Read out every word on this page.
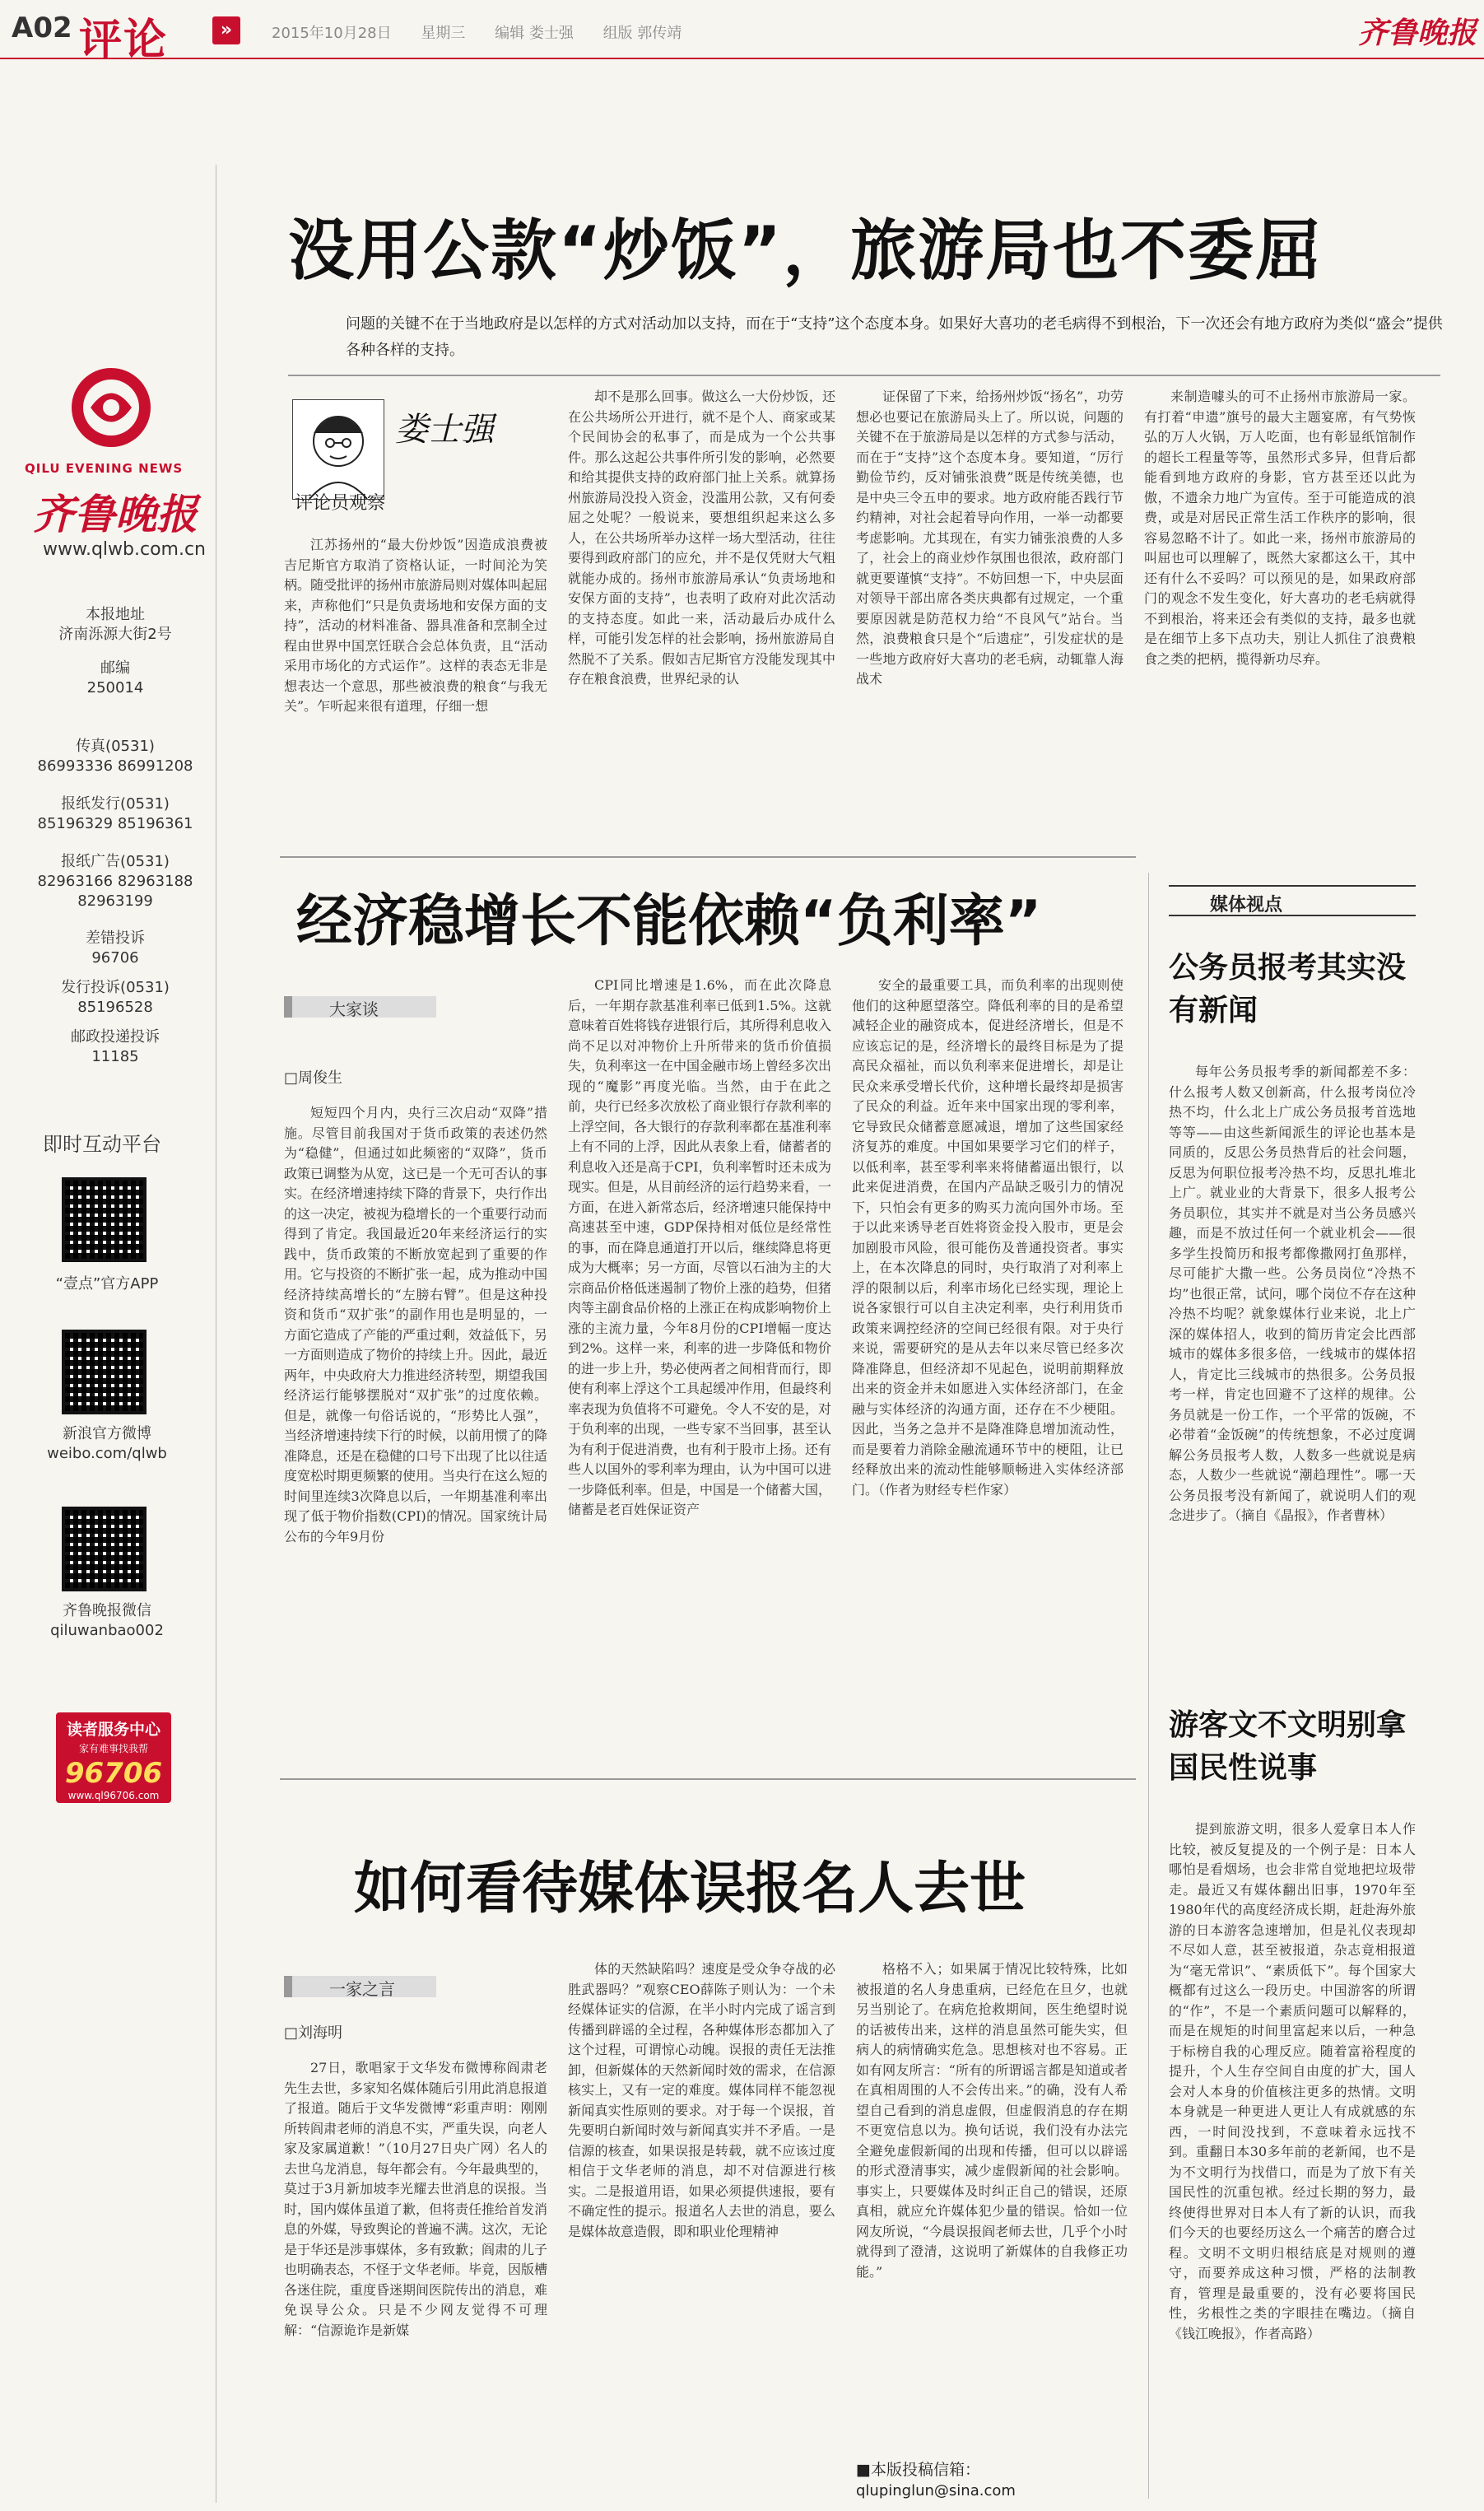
A02 评论	»	2015年10月28日 星期三 编辑 娄士强 组版 郭传靖	齐鲁晚报
QILU EVENING NEWS
齐鲁晚报
www.qlwb.com.cn
本报地址
济南泺源大街2号
邮编
250014
传真(0531)
86993336 86991208
报纸发行(0531)
85196329 85196361
报纸广告(0531)
82963166 82963188 82963199
差错投诉
96706
发行投诉(0531)
85196528
邮政投递投诉
11185
即时互动平台
“壹点”官方APP
新浪官方微博
weibo.com/qlwb
齐鲁晚报微信
qiluwanbao002
读者服务中心
家有难事找我帮
96706
www.ql96706.com
没用公款“炒饭”，旅游局也不委屈
问题的关键不在于当地政府是以怎样的方式对活动加以支持，而在于“支持”这个态度本身。如果好大喜功的老毛病得不到根治，下一次还会有地方政府为类似“盛会”提供各种各样的支持。
娄士强
评论员观察

江苏扬州的“最大份炒饭”因造成浪费被吉尼斯官方取消了资格认证，一时间沦为笑柄。随受批评的扬州市旅游局则对媒体叫起屈来，声称他们“只是负责场地和安保方面的支持”，活动的材料准备、器具准备和烹制全过程由世界中国烹饪联合会总体负责，且“活动采用市场化的方式运作”。这样的表态无非是想表达一个意思，那些被浪费的粮食“与我无关”。乍听起来很有道理，仔细一想

却不是那么回事。做这么一大份炒饭，还在公共场所公开进行，就不是个人、商家或某个民间协会的私事了，而是成为一个公共事件。那么这起公共事件所引发的影响，必然要和给其提供支持的政府部门扯上关系。就算扬州旅游局没投入资金，没滥用公款，又有何委屈之处呢？一般说来，要想组织起来这么多人，在公共场所举办这样一场大型活动，往往要得到政府部门的应允，并不是仅凭财大气粗就能办成的。扬州市旅游局承认“负责场地和安保方面的支持”，也表明了政府对此次活动的支持态度。如此一来，活动最后办成什么样，可能引发怎样的社会影响，扬州旅游局自然脱不了关系。假如吉尼斯官方没能发现其中存在粮食浪费，世界纪录的认

证保留了下来，给扬州炒饭“扬名”，功劳想必也要记在旅游局头上了。所以说，问题的关键不在于旅游局是以怎样的方式参与活动，而在于“支持”这个态度本身。要知道，“厉行勤俭节约，反对铺张浪费”既是传统美德，也是中央三令五申的要求。地方政府能否践行节约精神，对社会起着导向作用，一举一动都要考虑影响。尤其现在，有实力铺张浪费的人多了，社会上的商业炒作氛围也很浓，政府部门就更要谨慎“支持”。不妨回想一下，中央层面对领导干部出席各类庆典都有过规定，一个重要原因就是防范权力给“不良风气”站台。当然，浪费粮食只是个“后遗症”，引发症状的是一些地方政府好大喜功的老毛病，动辄靠人海战术

来制造噱头的可不止扬州市旅游局一家。有打着“申遗”旗号的最大主题宴席，有气势恢弘的万人火锅，万人吃面，也有彰显纸馆制作的超长工程量等等，虽然形式多异，但背后都能看到地方政府的身影，官方甚至还以此为傲，不遗余力地广为宣传。至于可能造成的浪费，或是对居民正常生活工作秩序的影响，很容易忽略不计了。如此一来，扬州市旅游局的叫屈也可以理解了，既然大家都这么干，其中还有什么不妥吗？可以预见的是，如果政府部门的观念不发生变化，好大喜功的老毛病就得不到根治，将来还会有类似的支持，最多也就是在细节上多下点功夫，别让人抓住了浪费粮食之类的把柄，揽得新功尽弃。

经济稳增长不能依赖“负利率”
大家谈
□周俊生

短短四个月内，央行三次启动“双降”措施。尽管目前我国对于货币政策的表述仍然为“稳健”，但通过如此频密的“双降”，货币政策已调整为从宽，这已是一个无可否认的事实。在经济增速持续下降的背景下，央行作出的这一决定，被视为稳增长的一个重要行动而得到了肯定。我国最近20年来经济运行的实践中，货币政策的不断放宽起到了重要的作用。它与投资的不断扩张一起，成为推动中国经济持续高增长的“左膀右臂”。但是这种投资和货币“双扩张”的副作用也是明显的，一方面它造成了产能的严重过剩，效益低下，另一方面则造成了物价的持续上升。因此，最近两年，中央政府大力推进经济转型，期望我国经济运行能够摆脱对“双扩张”的过度依赖。但是，就像一句俗话说的，“形势比人强”，当经济增速持续下行的时候，以前用惯了的降准降息，还是在稳健的口号下出现了比以往适度宽松时期更频繁的使用。当央行在这么短的时间里连续3次降息以后，一年期基准利率出现了低于物价指数(CPI)的情况。国家统计局公布的今年9月份

CPI同比增速是1.6%，而在此次降息后，一年期存款基准利率已低到1.5%。这就意味着百姓将钱存进银行后，其所得利息收入尚不足以对冲物价上升所带来的货币价值损失，负利率这一在中国金融市场上曾经多次出现的“魔影”再度光临。当然，由于在此之前，央行已经多次放松了商业银行存款利率的上浮空间，各大银行的存款利率都在基准利率上有不同的上浮，因此从表象上看，储蓄者的利息收入还是高于CPI，负利率暂时还未成为现实。但是，从目前经济的运行趋势来看，一方面，在进入新常态后，经济增速只能保持中高速甚至中速，GDP保持相对低位是经常性的事，而在降息通道打开以后，继续降息将更成为大概率；另一方面，尽管以石油为主的大宗商品价格低迷遏制了物价上涨的趋势，但猪肉等主副食品价格的上涨正在构成影响物价上涨的主流力量，今年8月份的CPI增幅一度达到2%。这样一来，利率的进一步降低和物价的进一步上升，势必使两者之间相背而行，即使有利率上浮这个工具起缓冲作用，但最终利率表现为负值将不可避免。令人不安的是，对于负利率的出现，一些专家不当回事，甚至认为有利于促进消费，也有利于股市上扬。还有些人以国外的零利率为理由，认为中国可以进一步降低利率。但是，中国是一个储蓄大国，储蓄是老百姓保证资产

安全的最重要工具，而负利率的出现则使他们的这种愿望落空。降低利率的目的是希望减轻企业的融资成本，促进经济增长，但是不应该忘记的是，经济增长的最终目标是为了提高民众福祉，而以负利率来促进增长，却是让民众来承受增长代价，这种增长最终却是损害了民众的利益。近年来中国家出现的零利率，它导致民众储蓄意愿减退，增加了这些国家经济复苏的难度。中国如果要学习它们的样子，以低利率，甚至零利率来将储蓄逼出银行，以此来促进消费，在国内产品缺乏吸引力的情况下，只怕会有更多的购买力流向国外市场。至于以此来诱导老百姓将资金投入股市，更是会加剧股市风险，很可能伤及普通投资者。事实上，在本次降息的同时，央行取消了对利率上浮的限制以后，利率市场化已经实现，理论上说各家银行可以自主决定利率，央行利用货币政策来调控经济的空间已经很有限。对于央行来说，需要研究的是从去年以来尽管已经多次降准降息，但经济却不见起色，说明前期释放出来的资金并未如愿进入实体经济部门，在金融与实体经济的沟通方面，还存在不少梗阻。因此，当务之急并不是降准降息增加流动性，而是要着力消除金融流通环节中的梗阻，让已经释放出来的流动性能够顺畅进入实体经济部门。（作者为财经专栏作家）

媒体视点
公务员报考其实没有新闻

每年公务员报考季的新闻都差不多：什么报考人数又创新高，什么报考岗位冷热不均，什么北上广成公务员报考首选地等等——由这些新闻派生的评论也基本是同质的，反思公务员热背后的社会问题，反思为何职位报考冷热不均，反思扎堆北上广。就业业的大背景下，很多人报考公务员职位，其实并不就是对当公务员感兴趣，而是不放过任何一个就业机会——很多学生投简历和报考都像撒网打鱼那样，尽可能扩大撒一些。公务员岗位“冷热不均”也很正常，试问，哪个岗位不存在这种冷热不均呢？就象媒体行业来说，北上广深的媒体招人，收到的简历肯定会比西部城市的媒体多很多倍，一线城市的媒体招人，肯定比三线城市的热很多。公务员报考一样，肯定也回避不了这样的规律。公务员就是一份工作，一个平常的饭碗，不必带着“金饭碗”的传统想象，不必过度调解公务员报考人数，人数多一些就说是病态，人数少一些就说“潮趋理性”。哪一天公务员报考没有新闻了，就说明人们的观念进步了。（摘自《晶报》，作者曹林）

游客文不文明别拿国民性说事

提到旅游文明，很多人爱拿日本人作比较，被反复提及的一个例子是：日本人哪怕是看烟场，也会非常自觉地把垃圾带走。最近又有媒体翻出旧事，1970年至1980年代的高度经济成长期，赶赴海外旅游的日本游客急速增加，但是礼仪表现却不尽如人意，甚至被报道，杂志竟相报道为“毫无常识”、“素质低下”。每个国家大概都有过这么一段历史。中国游客的所谓的“作”，不是一个素质问题可以解释的，而是在规矩的时间里富起来以后，一种急于标榜自我的心理反应。随着富裕程度的提升，个人生存空间自由度的扩大，国人会对人本身的价值核注更多的热情。文明本身就是一种更进人更让人有成就感的东西，一时间没找到，不意味着永远找不到。重翻日本30多年前的老新闻，也不是为不文明行为找借口，而是为了放下有关国民性的沉重包袱。经过长期的努力，最终使得世界对日本人有了新的认识，而我们今天的也要经历这么一个痛苦的磨合过程。文明不文明归根结底是对规则的遵守，而要养成这种习惯，严格的法制教育，管理是最重要的，没有必要将国民性，劣根性之类的字眼挂在嘴边。（摘自《钱江晚报》，作者高路）

如何看待媒体误报名人去世
一家之言
□刘海明

27日，歌唱家于文华发布微博称阎肃老先生去世，多家知名媒体随后引用此消息报道了报道。随后于文华发微博“彩重声明：刚刚所转阎肃老师的消息不实，严重失误，向老人家及家属道歉！”（10月27日央广网）名人的去世乌龙消息，每年都会有。今年最典型的，莫过于3月新加坡李光耀去世消息的误报。当时，国内媒体虽道了歉，但将责任推给首发消息的外媒，导致舆论的普遍不满。这次，无论是于华还是涉事媒体，多有致歉；阎肃的儿子也明确表态，不怪于文华老师。毕竟，因版槽各迷住院，重度昏迷期间医院传出的消息，难免误导公众。只是不少网友觉得不可理解：“信源诡诈是新媒

体的天然缺陷吗？速度是受众争夺战的必胜武器吗？”观察CEO薛陈子则认为：一个未经媒体证实的信源，在半小时内完成了谣言到传播到辟谣的全过程，各种媒体形态都加入了这个过程，可谓惊心动魄。误报的责任无法推卸，但新媒体的天然新闻时效的需求，在信源核实上，又有一定的难度。媒体同样不能忽视新闻真实性原则的要求。对于每一个误报，首先要明白新闻时效与新闻真实并不矛盾。一是信源的核查，如果误报是转载，就不应该过度相信于文华老师的消息，却不对信源进行核实。二是报道用语，如果必须提供速报，要有不确定性的提示。报道名人去世的消息，要么是媒体故意造假，即和职业伦理精神

格格不入；如果属于情况比较特殊，比如被报道的名人身患重病，已经危在旦夕，也就另当别论了。在病危抢救期间，医生绝望时说的话被传出来，这样的消息虽然可能失实，但病人的病情确实危急。思想核对也不容易。正如有网友所言：“所有的所谓谣言都是知道或者在真相周围的人不会传出来。”的确，没有人希望自己看到的消息虚假，但虚假消息的存在期不更宽信息以为。换句话说，我们没有办法完全避免虚假新闻的出现和传播，但可以以辟谣的形式澄清事实，减少虚假新闻的社会影响。事实上，只要媒体及时纠正自己的错误，还原真相，就应允许媒体犯少量的错误。恰如一位网友所说，“今晨误报阎老师去世，几乎个小时就得到了澄清，这说明了新媒体的自我修正功能。”

■本版投稿信箱：
qlupinglun@sina.com
